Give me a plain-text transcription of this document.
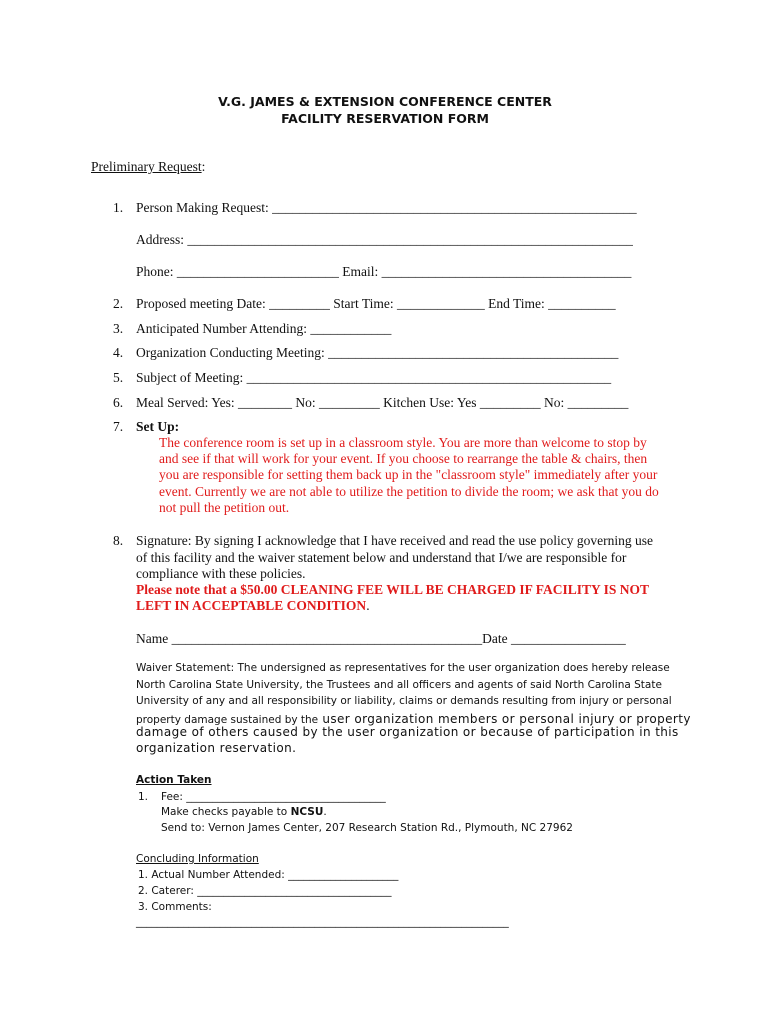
V.G. JAMES & EXTENSION CONFERENCE CENTER
FACILITY RESERVATION FORM
Preliminary Request:
1. Person Making Request: ______________________________________________________
Address: __________________________________________________________________
Phone: ________________________ Email: _____________________________________
2. Proposed meeting Date: _________ Start Time: _____________ End Time: __________
3. Anticipated Number Attending: ____________
4. Organization Conducting Meeting: ___________________________________________
5. Subject of Meeting: ______________________________________________________
6. Meal Served: Yes: ________ No: _________ Kitchen Use: Yes _________ No: _________
7. Set Up:
The conference room is set up in a classroom style. You are more than welcome to stop by
and see if that will work for your event. If you choose to rearrange the table & chairs, then
you are responsible for setting them back up in the "classroom style" immediately after your
event. Currently we are not able to utilize the petition to divide the room; we ask that you do
not pull the petition out.
8. Signature: By signing I acknowledge that I have received and read the use policy governing use
of this facility and the waiver statement below and understand that I/we are responsible for
compliance with these policies.
Please note that a $50.00 CLEANING FEE WILL BE CHARGED IF FACILITY IS NOT
LEFT IN ACCEPTABLE CONDITION.
Name ______________________________________________Date _________________
Waiver Statement: The undersigned as representatives for the user organization does hereby release
North Carolina State University, the Trustees and all officers and agents of said North Carolina State
University of any and all responsibility or liability, claims or demands resulting from injury or personal
property damage sustained by the user organization members or personal injury or property
damage of others caused by the user organization or because of participation in this
organization reservation.
Action Taken
1. Fee: ______________________________________
Make checks payable to NCSU.
Send to: Vernon James Center, 207 Research Station Rd., Plymouth, NC 27962
Concluding Information
1. Actual Number Attended: _____________________
2. Caterer: _____________________________________
3. Comments:
_______________________________________________________________________
